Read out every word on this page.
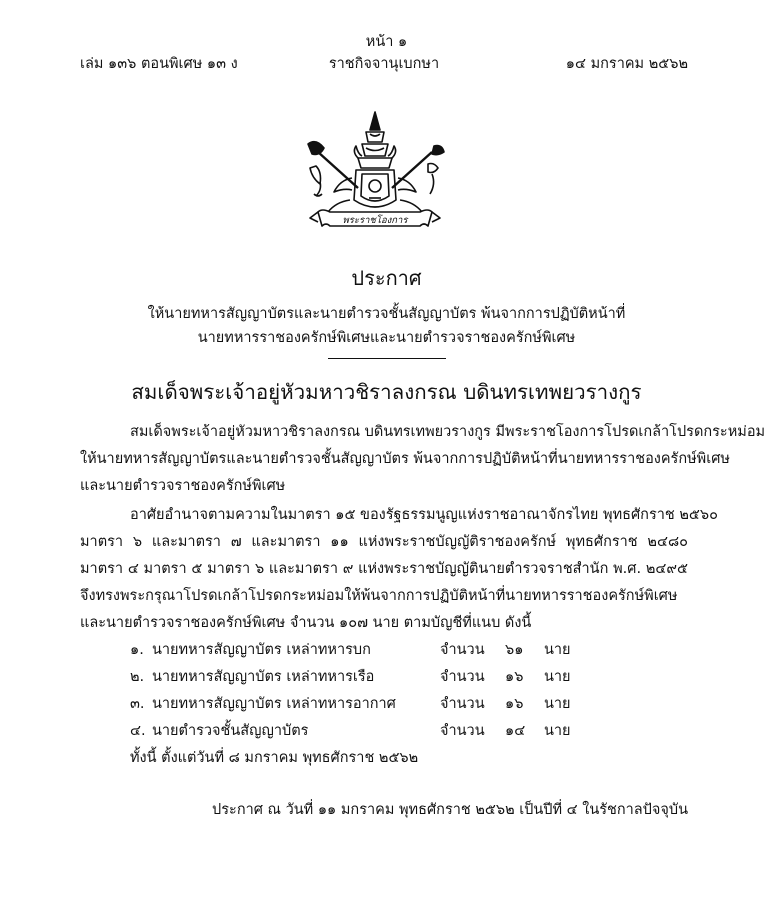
หน้า ๑
เล่ม ๑๓๖ ตอนพิเศษ ๑๓ ง	ราชกิจจานุเบกษา	๑๔ มกราคม ๒๕๖๒
พระราชโองการ
ประกาศ
ให้นายทหารสัญญาบัตรและนายตำรวจชั้นสัญญาบัตร พ้นจากการปฏิบัติหน้าที่
นายทหารราชองครักษ์พิเศษและนายตำรวจราชองครักษ์พิเศษ
สมเด็จพระเจ้าอยู่หัวมหาวชิราลงกรณ บดินทรเทพยวรางกูร
สมเด็จพระเจ้าอยู่หัวมหาวชิราลงกรณ บดินทรเทพยวรางกูร มีพระราชโองการโปรดเกล้าโปรดกระหม่อม
ให้นายทหารสัญญาบัตรและนายตำรวจชั้นสัญญาบัตร พ้นจากการปฏิบัติหน้าที่นายทหารราชองครักษ์พิเศษ
และนายตำรวจราชองครักษ์พิเศษ
อาศัยอำนาจตามความในมาตรา ๑๕ ของรัฐธรรมนูญแห่งราชอาณาจักรไทย พุทธศักราช ๒๕๖๐
มาตรา ๖ และมาตรา ๗ และมาตรา ๑๑ แห่งพระราชบัญญัติราชองครักษ์ พุทธศักราช ๒๔๘๐
มาตรา ๔ มาตรา ๕ มาตรา ๖ และมาตรา ๙ แห่งพระราชบัญญัตินายตำรวจราชสำนัก พ.ศ. ๒๔๙๕
จึงทรงพระกรุณาโปรดเกล้าโปรดกระหม่อมให้พ้นจากการปฏิบัติหน้าที่นายทหารราชองครักษ์พิเศษ
และนายตำรวจราชองครักษ์พิเศษ จำนวน ๑๐๗ นาย ตามบัญชีที่แนบ ดังนี้
๑. นายทหารสัญญาบัตร เหล่าทหารบก	จำนวน ๖๑ นาย
๒. นายทหารสัญญาบัตร เหล่าทหารเรือ	จำนวน ๑๖ นาย
๓. นายทหารสัญญาบัตร เหล่าทหารอากาศ	จำนวน ๑๖ นาย
๔. นายตำรวจชั้นสัญญาบัตร	จำนวน ๑๔ นาย
ทั้งนี้ ตั้งแต่วันที่ ๘ มกราคม พุทธศักราช ๒๕๖๒
ประกาศ ณ วันที่ ๑๑ มกราคม พุทธศักราช ๒๕๖๒ เป็นปีที่ ๔ ในรัชกาลปัจจุบัน
